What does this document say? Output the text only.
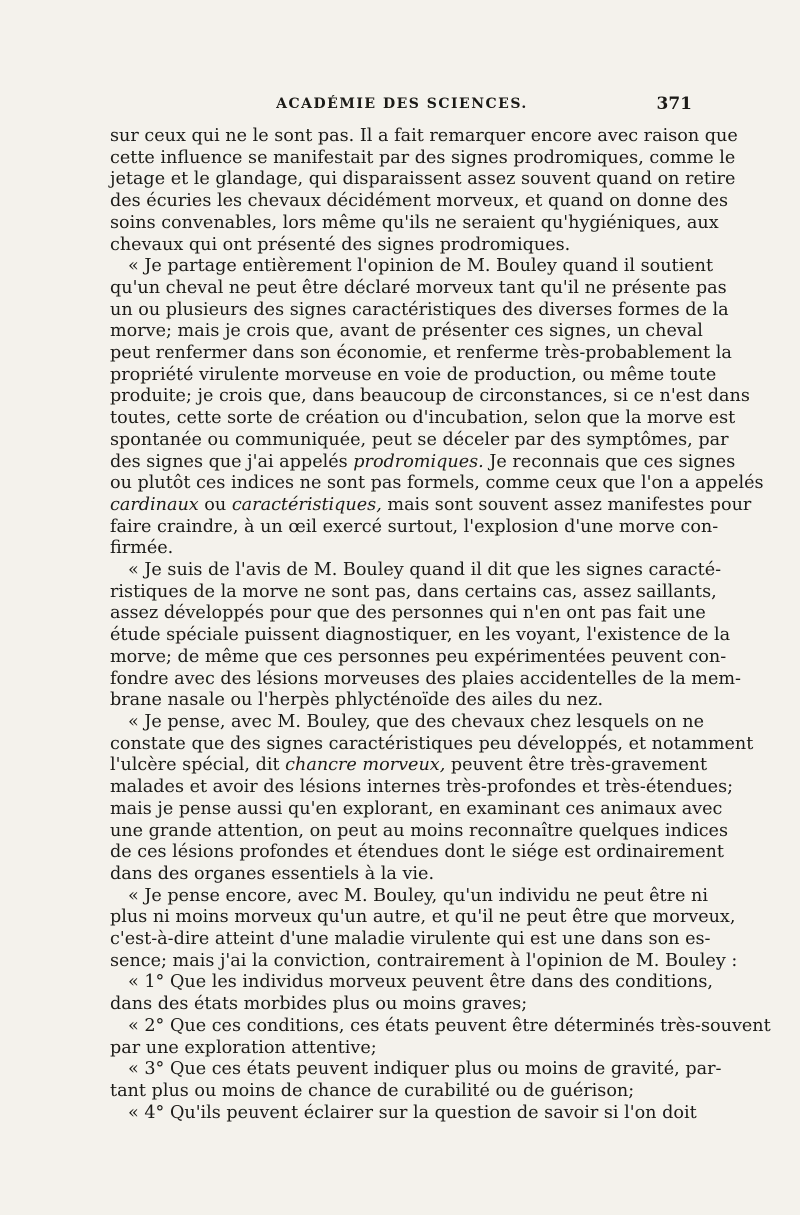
ACADÉMIE DES SCIENCES.	371
sur ceux qui ne le sont pas. Il a fait remarquer encore avec raison que
cette influence se manifestait par des signes prodromiques, comme le
jetage et le glandage, qui disparaissent assez souvent quand on retire
des écuries les chevaux décidément morveux, et quand on donne des
soins convenables, lors même qu'ils ne seraient qu'hygiéniques, aux
chevaux qui ont présenté des signes prodromiques.
« Je partage entièrement l'opinion de M. Bouley quand il soutient
qu'un cheval ne peut être déclaré morveux tant qu'il ne présente pas
un ou plusieurs des signes caractéristiques des diverses formes de la
morve; mais je crois que, avant de présenter ces signes, un cheval
peut renfermer dans son économie, et renferme très-probablement la
propriété virulente morveuse en voie de production, ou même toute
produite; je crois que, dans beaucoup de circonstances, si ce n'est dans
toutes, cette sorte de création ou d'incubation, selon que la morve est
spontanée ou communiquée, peut se déceler par des symptômes, par
des signes que j'ai appelés prodromiques. Je reconnais que ces signes
ou plutôt ces indices ne sont pas formels, comme ceux que l'on a appelés
cardinaux ou caractéristiques, mais sont souvent assez manifestes pour
faire craindre, à un œil exercé surtout, l'explosion d'une morve con-
firmée.
« Je suis de l'avis de M. Bouley quand il dit que les signes caracté-
ristiques de la morve ne sont pas, dans certains cas, assez saillants,
assez développés pour que des personnes qui n'en ont pas fait une
étude spéciale puissent diagnostiquer, en les voyant, l'existence de la
morve; de même que ces personnes peu expérimentées peuvent con-
fondre avec des lésions morveuses des plaies accidentelles de la mem-
brane nasale ou l'herpès phlycténoïde des ailes du nez.
« Je pense, avec M. Bouley, que des chevaux chez lesquels on ne
constate que des signes caractéristiques peu développés, et notamment
l'ulcère spécial, dit chancre morveux, peuvent être très-gravement
malades et avoir des lésions internes très-profondes et très-étendues;
mais je pense aussi qu'en explorant, en examinant ces animaux avec
une grande attention, on peut au moins reconnaître quelques indices
de ces lésions profondes et étendues dont le siége est ordinairement
dans des organes essentiels à la vie.
« Je pense encore, avec M. Bouley, qu'un individu ne peut être ni
plus ni moins morveux qu'un autre, et qu'il ne peut être que morveux,
c'est-à-dire atteint d'une maladie virulente qui est une dans son es-
sence; mais j'ai la conviction, contrairement à l'opinion de M. Bouley :
« 1° Que les individus morveux peuvent être dans des conditions,
dans des états morbides plus ou moins graves;
« 2° Que ces conditions, ces états peuvent être déterminés très-souvent
par une exploration attentive;
« 3° Que ces états peuvent indiquer plus ou moins de gravité, par-
tant plus ou moins de chance de curabilité ou de guérison;
« 4° Qu'ils peuvent éclairer sur la question de savoir si l'on doit
